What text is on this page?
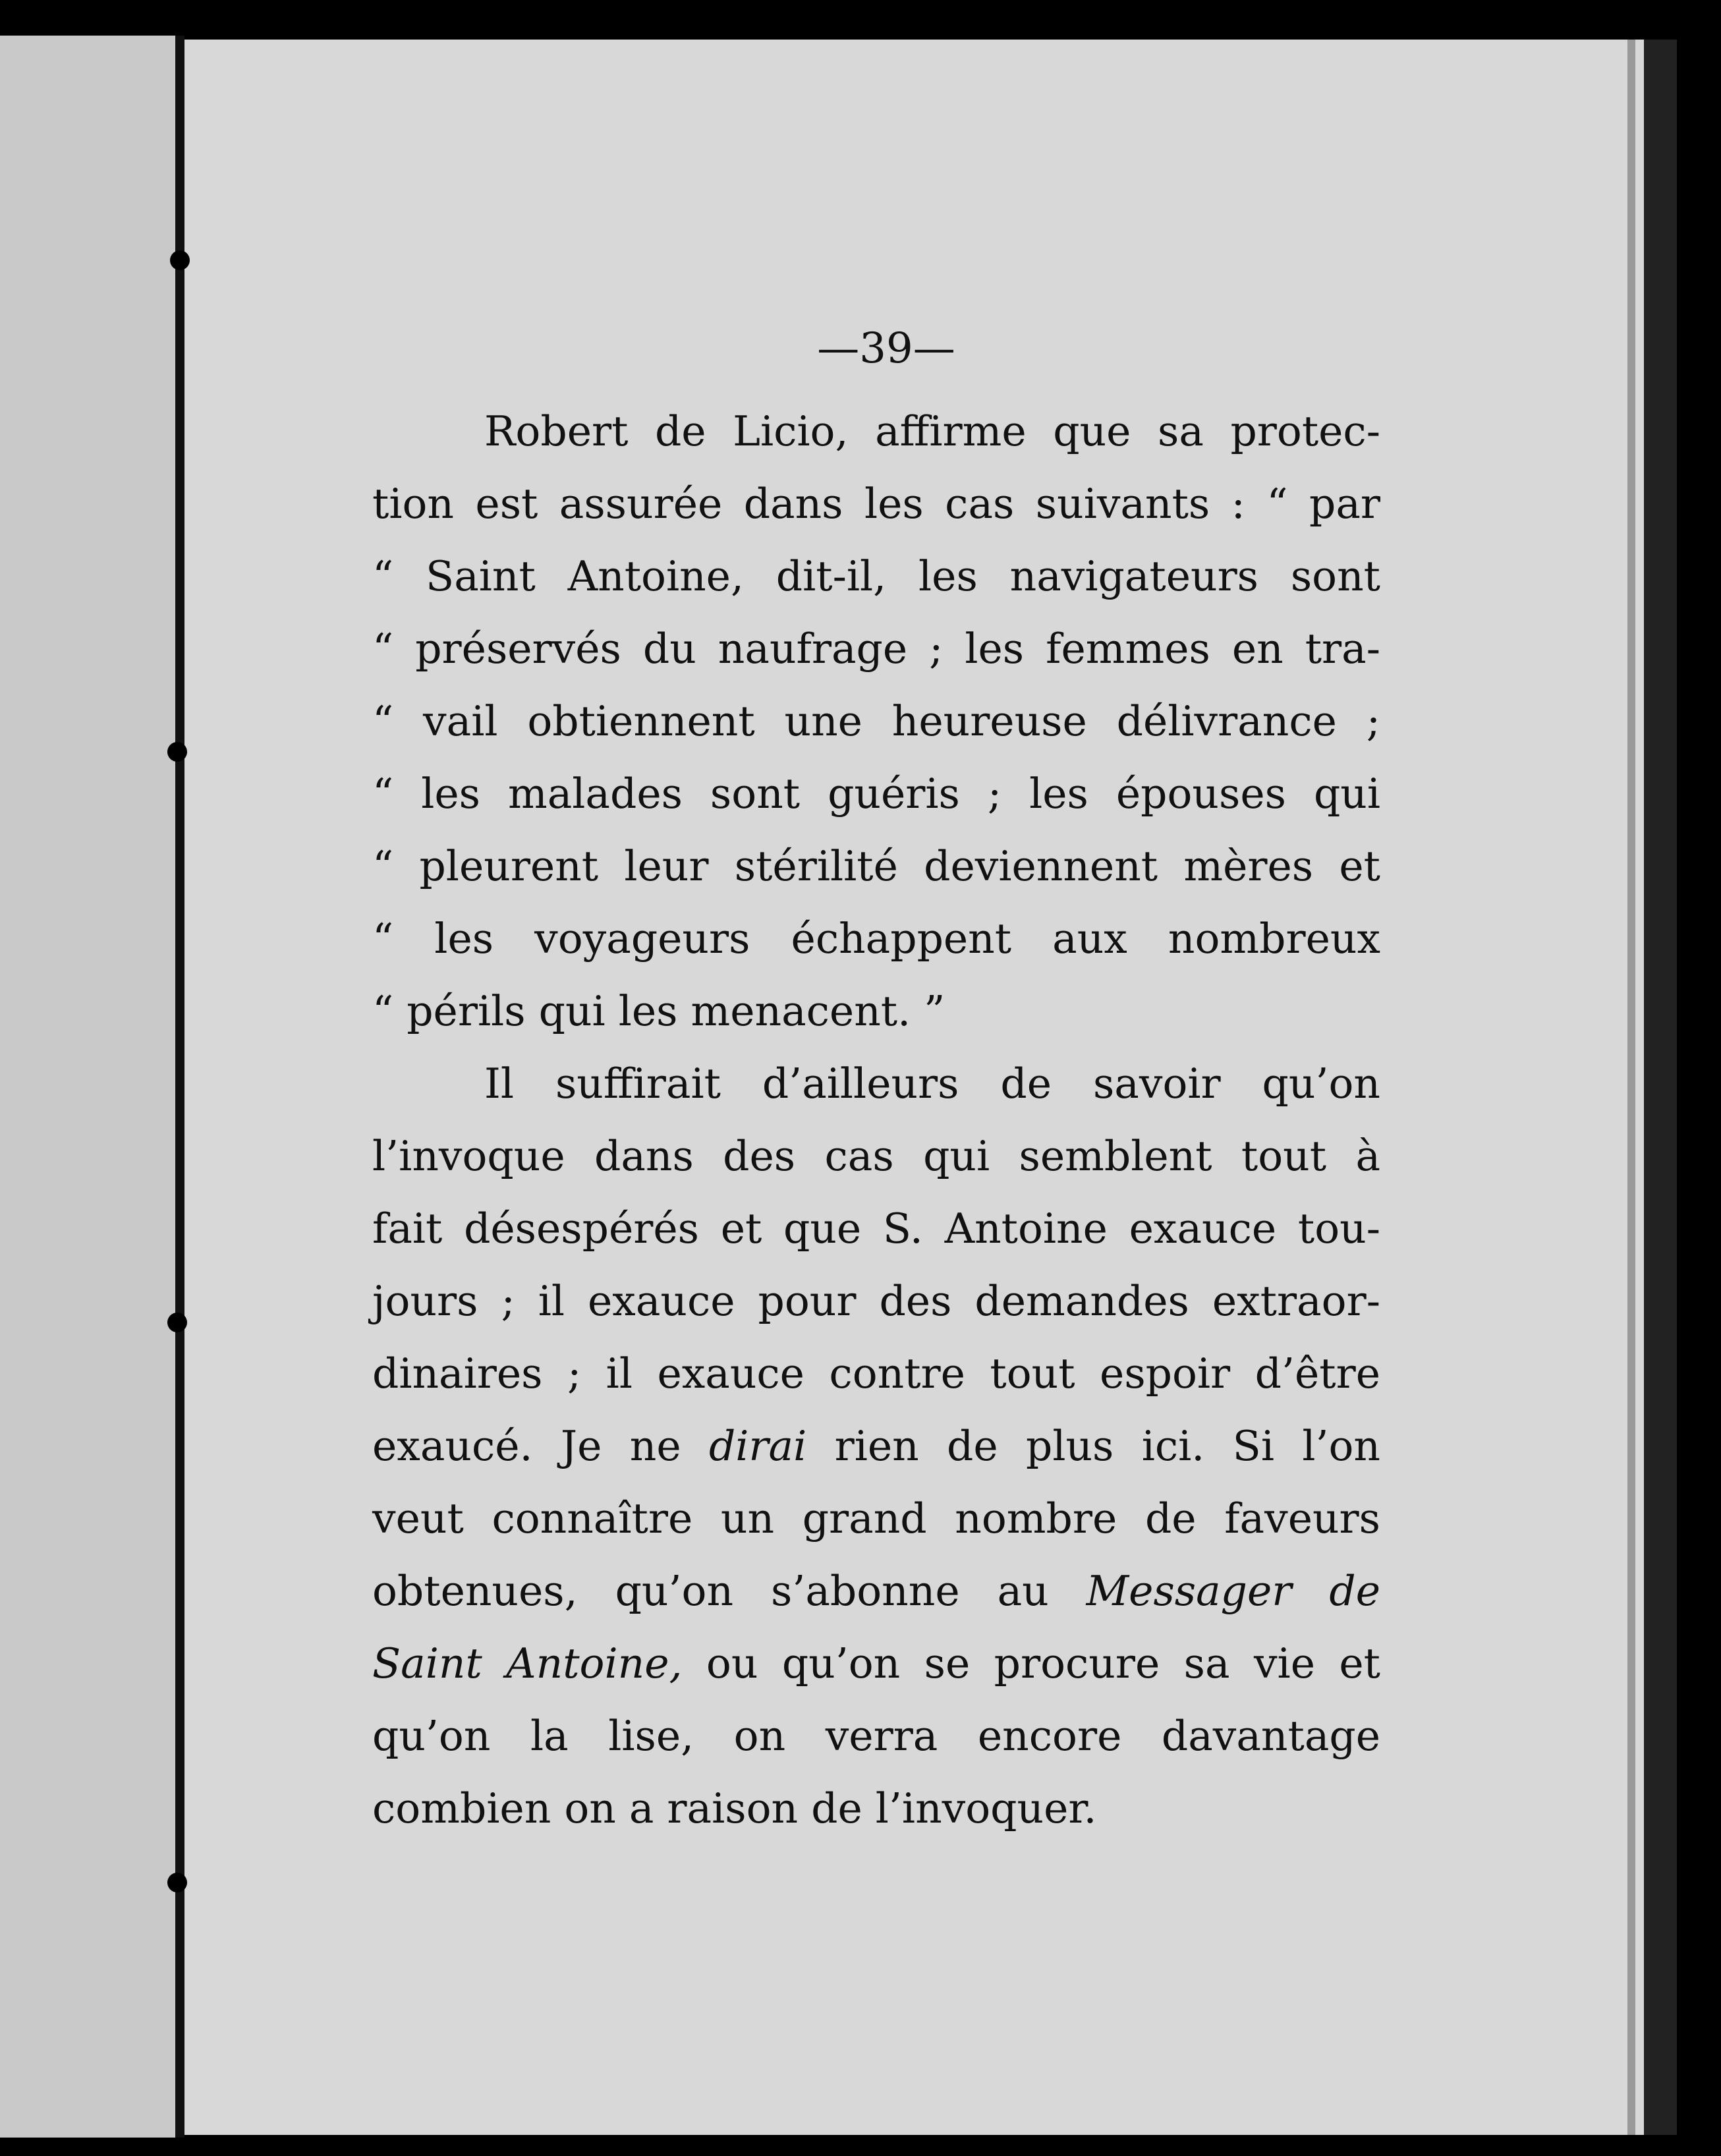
—39—
Robert de Licio, affirme que sa protec-
tion est assurée dans les cas suivants : “ par
“ Saint Antoine, dit-il, les navigateurs sont
“ préservés du naufrage ; les femmes en tra-
“ vail obtiennent une heureuse délivrance ;
“ les malades sont guéris ; les épouses qui
“ pleurent leur stérilité deviennent mères et
“ les voyageurs échappent aux nombreux
“ périls qui les menacent. ”
Il suffirait d’ailleurs de savoir qu’on
l’invoque dans des cas qui semblent tout à
fait désespérés et que S. Antoine exauce tou-
jours ; il exauce pour des demandes extraor-
dinaires ; il exauce contre tout espoir d’être
exaucé. Je ne dirai rien de plus ici. Si l’on
veut connaître un grand nombre de faveurs
obtenues, qu’on s’abonne au Messager de
Saint Antoine, ou qu’on se procure sa vie et
qu’on la lise, on verra encore davantage
combien on a raison de l’invoquer.
